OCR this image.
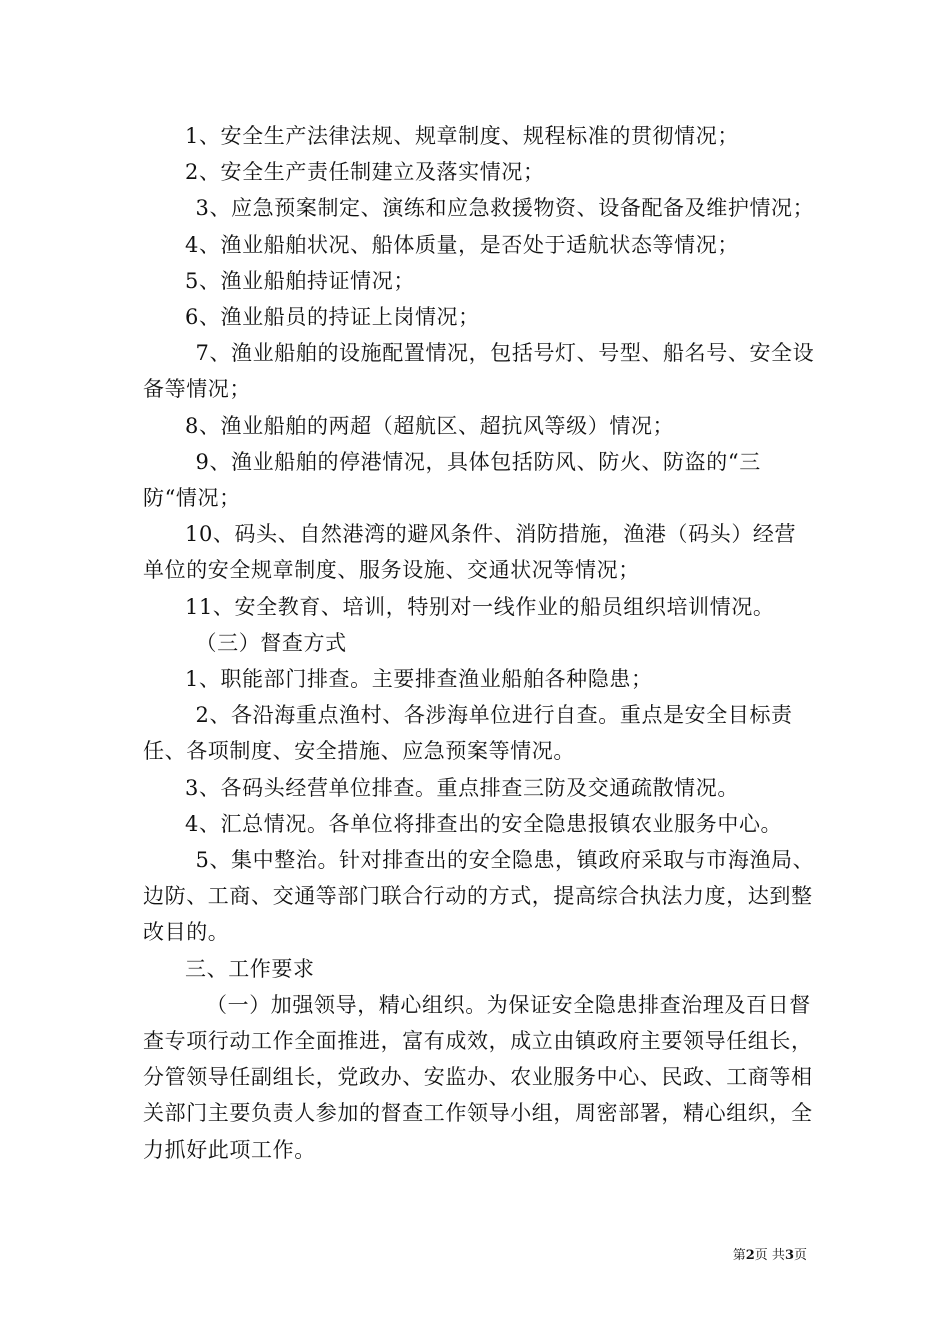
1、安全生产法律法规、规章制度、规程标准的贯彻情况；

2、安全生产责任制建立及落实情况；

3、应急预案制定、演练和应急救援物资、设备配备及维护情况；

4、渔业船舶状况、船体质量，是否处于适航状态等情况；

5、渔业船舶持证情况；

6、渔业船员的持证上岗情况；

7、渔业船舶的设施配置情况，包括号灯、号型、船名号、安全设备等情况；

8、渔业船舶的两超（超航区、超抗风等级）情况；

9、渔业船舶的停港情况，具体包括防风、防火、防盗的“三防“情况；

10、码头、自然港湾的避风条件、消防措施，渔港（码头）经营单位的安全规章制度、服务设施、交通状况等情况；

11、安全教育、培训，特别对一线作业的船员组织培训情况。

（三）督查方式

1、职能部门排查。主要排查渔业船舶各种隐患；

2、各沿海重点渔村、各涉海单位进行自查。重点是安全目标责任、各项制度、安全措施、应急预案等情况。

3、各码头经营单位排查。重点排查三防及交通疏散情况。

4、汇总情况。各单位将排查出的安全隐患报镇农业服务中心。

5、集中整治。针对排查出的安全隐患，镇政府采取与市海渔局、边防、工商、交通等部门联合行动的方式，提高综合执法力度，达到整改目的。

三、工作要求

（一）加强领导，精心组织。为保证安全隐患排查治理及百日督查专项行动工作全面推进，富有成效，成立由镇政府主要领导任组长，分管领导任副组长，党政办、安监办、农业服务中心、民政、工商等相关部门主要负责人参加的督查工作领导小组，周密部署，精心组织，全力抓好此项工作。

第2页 共3页
